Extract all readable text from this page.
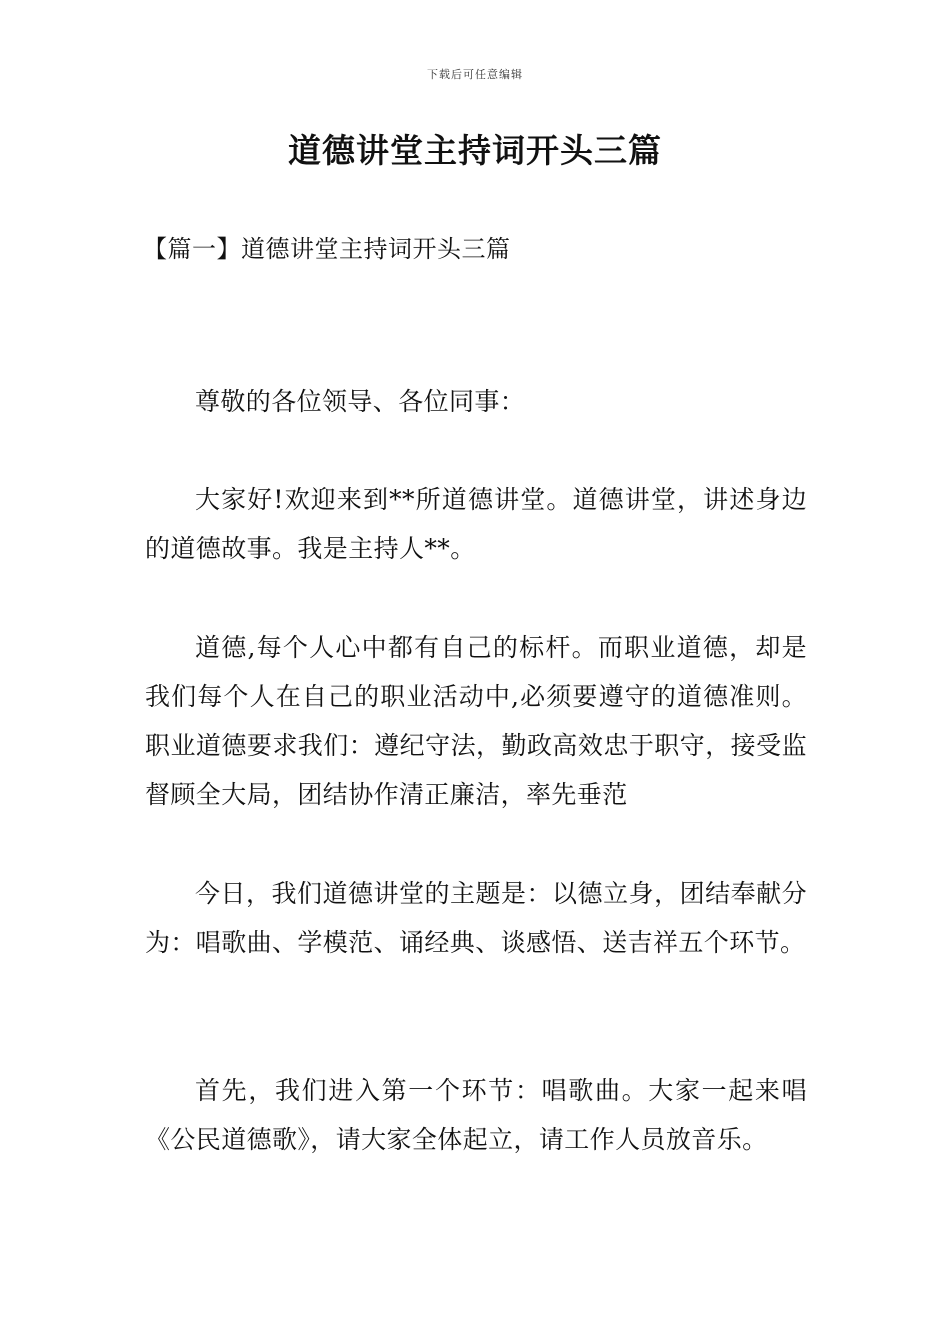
下载后可任意编辑
道德讲堂主持词开头三篇
【篇一】道德讲堂主持词开头三篇

尊敬的各位领导、各位同事：

大家好!欢迎来到**所道德讲堂。道德讲堂，讲述身边的道德故事。我是主持人**。

道德,每个人心中都有自己的标杆。而职业道德，却是我们每个人在自己的职业活动中,必须要遵守的道德准则。职业道德要求我们：遵纪守法，勤政高效忠于职守，接受监督顾全大局，团结协作清正廉洁，率先垂范

今日，我们道德讲堂的主题是：以德立身，团结奉献分为：唱歌曲、学模范、诵经典、谈感悟、送吉祥五个环节。

首先，我们进入第一个环节：唱歌曲。大家一起来唱《公民道德歌》，请大家全体起立，请工作人员放音乐。
